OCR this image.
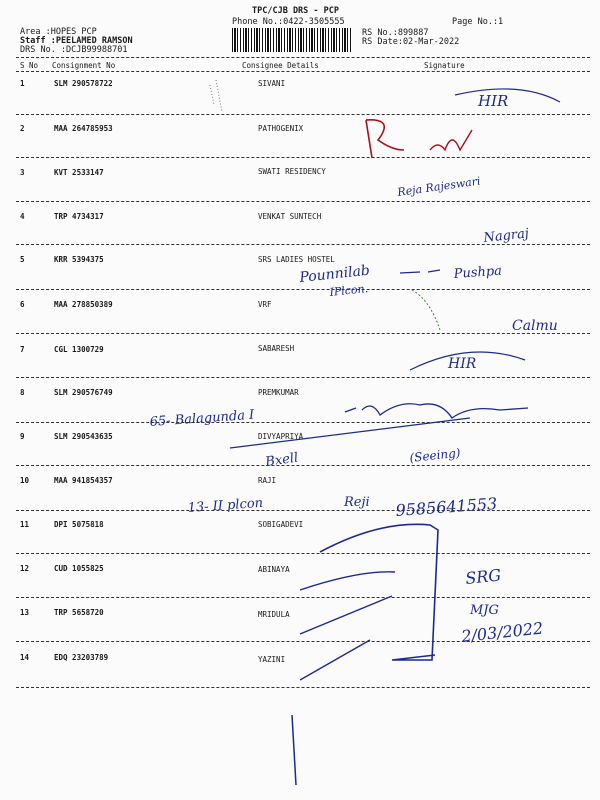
TPC/CJB DRS - PCP
Phone No.:0422-3505555	Page No.:1
Area :HOPES PCP
Staff :PEELAMED RAMSON
DRS No. :DCJB99988701
RS No.:899887
RS Date:02-Mar-2022
S No Consignment No	Consignee Details	Signature
1	SLM 290578722	SIVANI
2	MAA 264785953	PATHOGENIX
3	KVT 2533147	SWATI RESIDENCY
4	TRP 4734317	VENKAT SUNTECH
5	KRR 5394375	SRS LADIES HOSTEL
6	MAA 278850389	VRF
7	CGL 1300729	SABARESH
8	SLM 290576749	PREMKUMAR
9	SLM 290543635	DIVYAPRIYA
10	MAA 941854357	RAJI
11	DPI 5075818	SOBIGADEVI
12	CUD 1055825	ABINAYA
13	TRP 5658720	MRIDULA
14	EDQ 23203789	YAZINI
HIR
Reja Rajeswari
Nagraj
Pounnilab
IPlcon.
Pushpa
Calmu
HIR
65- Balagunda I
Bxell	(Seeing)
13- II plcon	Reji 9585641553
SRG
MJG
2/03/2022
